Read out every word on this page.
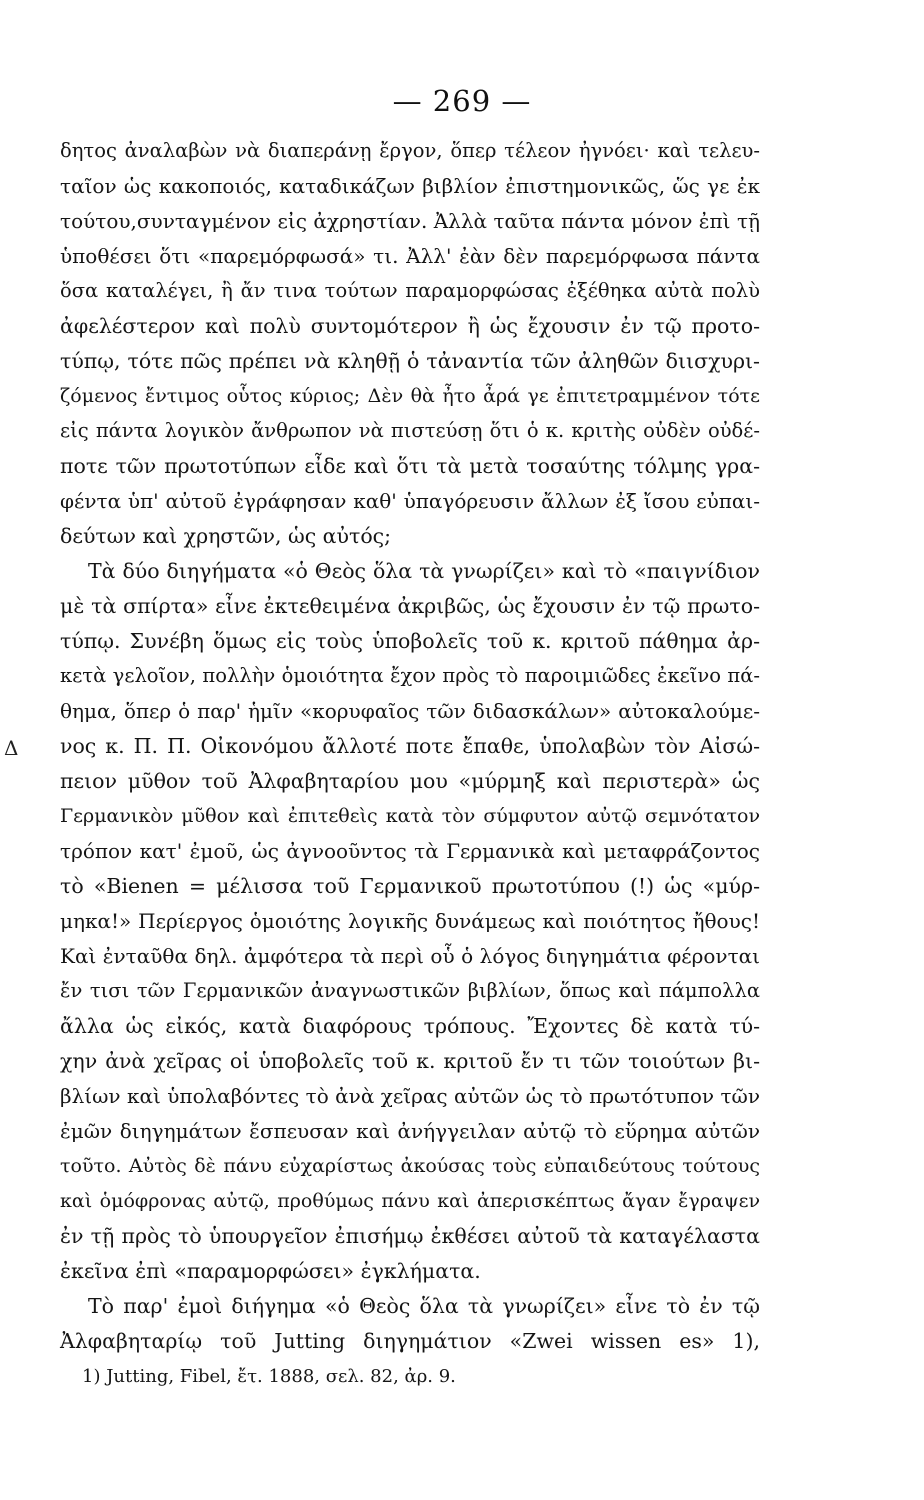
Δ
— 269 —
δητος ἀναλαβὼν νὰ διαπεράνῃ ἔργον, ὅπερ τέλεον ἠγνόει· καὶ τελευ-
ταῖον ὡς κακοποιός, καταδικάζων βιβλίον ἐπιστημονικῶς, ὥς γε ἐκ
τούτου,συνταγμένον εἰς ἀχρηστίαν. Ἀλλὰ ταῦτα πάντα μόνον ἐπὶ τῇ
ὑποθέσει ὅτι «παρεμόρφωσά» τι. Ἀλλ' ἐὰν δὲν παρεμόρφωσα πάντα
ὅσα καταλέγει, ἢ ἄν τινα τούτων παραμορφώσας ἐξέθηκα αὐτὰ πολὺ
ἀφελέστερον καὶ πολὺ συντομότερον ἢ ὡς ἔχουσιν ἐν τῷ προτο-
τύπῳ, τότε πῶς πρέπει νὰ κληθῇ ὁ τἀναντία τῶν ἀληθῶν διισχυρι-
ζόμενος ἔντιμος οὗτος κύριος; Δὲν θὰ ἦτο ἆρά γε ἐπιτετραμμένον τότε
εἰς πάντα λογικὸν ἄνθρωπον νὰ πιστεύσῃ ὅτι ὁ κ. κριτὴς οὐδὲν οὐδέ-
ποτε τῶν πρωτοτύπων εἶδε καὶ ὅτι τὰ μετὰ τοσαύτης τόλμης γρα-
φέντα ὑπ' αὐτοῦ ἐγράφησαν καθ' ὑπαγόρευσιν ἄλλων ἐξ ἴσου εὐπαι-
δεύτων καὶ χρηστῶν, ὡς αὐτός;
Τὰ δύο διηγήματα «ὁ Θεὸς ὅλα τὰ γνωρίζει» καὶ τὸ «παιγνίδιον
μὲ τὰ σπίρτα» εἶνε ἐκτεθειμένα ἀκριβῶς, ὡς ἔχουσιν ἐν τῷ πρωτο-
τύπῳ. Συνέβη ὅμως εἰς τοὺς ὑποβολεῖς τοῦ κ. κριτοῦ πάθημα ἀρ-
κετὰ γελοῖον, πολλὴν ὁμοιότητα ἔχον πρὸς τὸ παροιμιῶδες ἐκεῖνο πά-
θημα, ὅπερ ὁ παρ' ἡμῖν «κορυφαῖος τῶν διδασκάλων» αὐτοκαλούμε-
νος κ. Π. Π. Οἰκονόμου ἄλλοτέ ποτε ἔπαθε, ὑπολαβὼν τὸν Αἰσώ-
πειον μῦθον τοῦ Ἀλφαβηταρίου μου «μύρμηξ καὶ περιστερὰ» ὡς
Γερμανικὸν μῦθον καὶ ἐπιτεθεὶς κατὰ τὸν σύμφυτον αὐτῷ σεμνότατον
τρόπον κατ' ἐμοῦ, ὡς ἀγνοοῦντος τὰ Γερμανικὰ καὶ μεταφράζοντος
τὸ «Bienen = μέλισσα τοῦ Γερμανικοῦ πρωτοτύπου (!) ὡς «μύρ-
μηκα!» Περίεργος ὁμοιότης λογικῆς δυνάμεως καὶ ποιότητος ἤθους!
Καὶ ἐνταῦθα δηλ. ἀμφότερα τὰ περὶ οὗ ὁ λόγος διηγημάτια φέρονται
ἔν τισι τῶν Γερμανικῶν ἀναγνωστικῶν βιβλίων, ὅπως καὶ πάμπολλα
ἄλλα ὡς εἰκός, κατὰ διαφόρους τρόπους. Ἔχοντες δὲ κατὰ τύ-
χην ἀνὰ χεῖρας οἱ ὑποβολεῖς τοῦ κ. κριτοῦ ἔν τι τῶν τοιούτων βι-
βλίων καὶ ὑπολαβόντες τὸ ἀνὰ χεῖρας αὐτῶν ὡς τὸ πρωτότυπον τῶν
ἐμῶν διηγημάτων ἔσπευσαν καὶ ἀνήγγειλαν αὐτῷ τὸ εὕρημα αὐτῶν
τοῦτο. Αὐτὸς δὲ πάνυ εὐχαρίστως ἀκούσας τοὺς εὐπαιδεύτους τούτους
καὶ ὁμόφρονας αὐτῷ, προθύμως πάνυ καὶ ἀπερισκέπτως ἄγαν ἔγραψεν
ἐν τῇ πρὸς τὸ ὑπουργεῖον ἐπισήμῳ ἐκθέσει αὐτοῦ τὰ καταγέλαστα
ἐκεῖνα ἐπὶ «παραμορφώσει» ἐγκλήματα.
Τὸ παρ' ἐμοὶ διήγημα «ὁ Θεὸς ὅλα τὰ γνωρίζει» εἶνε τὸ ἐν τῷ
Ἀλφαβηταρίῳ τοῦ Jutting διηγημάτιον «Zwei wissen es» 1),
1) Jutting, Fibel, ἔτ. 1888, σελ. 82, ἀρ. 9.
